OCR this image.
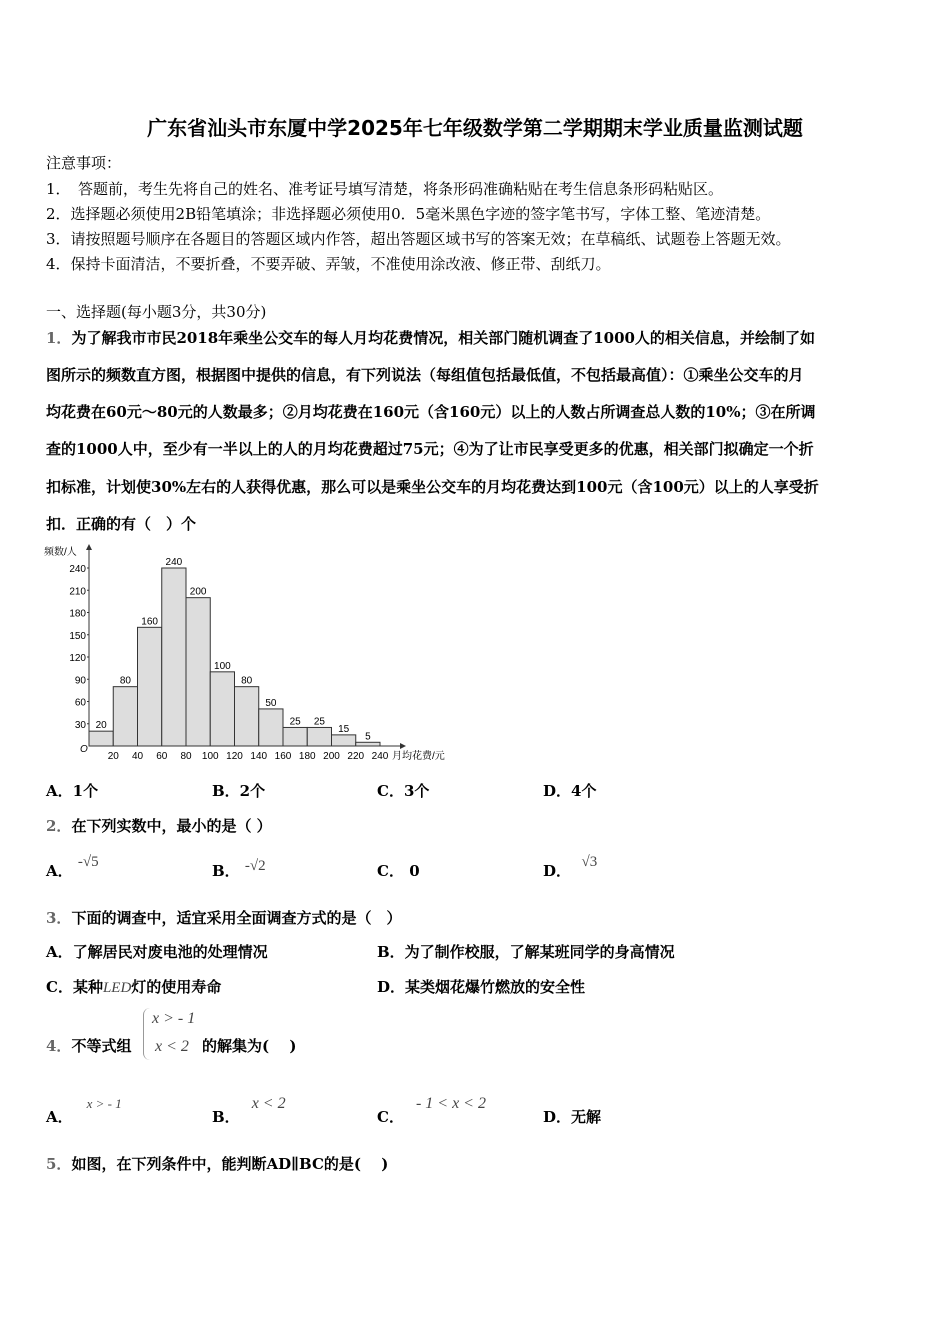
广东省汕头市东厦中学2025年七年级数学第二学期期末学业质量监测试题
注意事项：
1．　答题前，考生先将自己的姓名、准考证号填写清楚，将条形码准确粘贴在考生信息条形码粘贴区。
2．选择题必须使用2B铅笔填涂；非选择题必须使用0．5毫米黑色字迹的签字笔书写，字体工整、笔迹清楚。
3．请按照题号顺序在各题目的答题区域内作答，超出答题区域书写的答案无效；在草稿纸、试题卷上答题无效。
4．保持卡面清洁，不要折叠，不要弄破、弄皱，不准使用涂改液、修正带、刮纸刀。
一、选择题(每小题3分，共30分)
1．为了解我市市民2018年乘坐公交车的每人月均花费情况，相关部门随机调查了1000人的相关信息，并绘制了如
图所示的频数直方图，根据图中提供的信息，有下列说法（每组值包括最低值，不包括最高值）：①乘坐公交车的月
均花费在60元～80元的人数最多；②月均花费在160元（含160元）以上的人数占所调查总人数的10%；③在所调
查的1000人中，至少有一半以上的人的月均花费超过75元；④为了让市民享受更多的优惠，相关部门拟确定一个折
扣标准，计划使30%左右的人获得优惠，那么可以是乘坐公交车的月均花费达到100元（含100元）以上的人享受折
扣．正确的有（　）个
20
80
160
240
200
100
80
50
25 25
15
5
20 40 60 80 100 120 140 160 180 200 220 240
30
60
90
120
150
180
210
240
频数/人
月均花费/元
O
A．1个	B．2个	C．3个	D．4个
2．在下列实数中，最小的是（ ）
A． -√5	B． -√2	C． 0	D． √3
3．下面的调查中，适宜采用全面调查方式的是（　）
A．了解居民对废电池的处理情况	B．为了制作校服，了解某班同学的身高情况
C．某种LED灯的使用寿命	D．某类烟花爆竹燃放的安全性
4．不等式组
x > - 1
x < 2 的解集为(　 )
A．x > - 1
B．x < 2
C．- 1 < x < 2
D．无解
5．如图，在下列条件中，能判断AD∥BC的是(　 )
